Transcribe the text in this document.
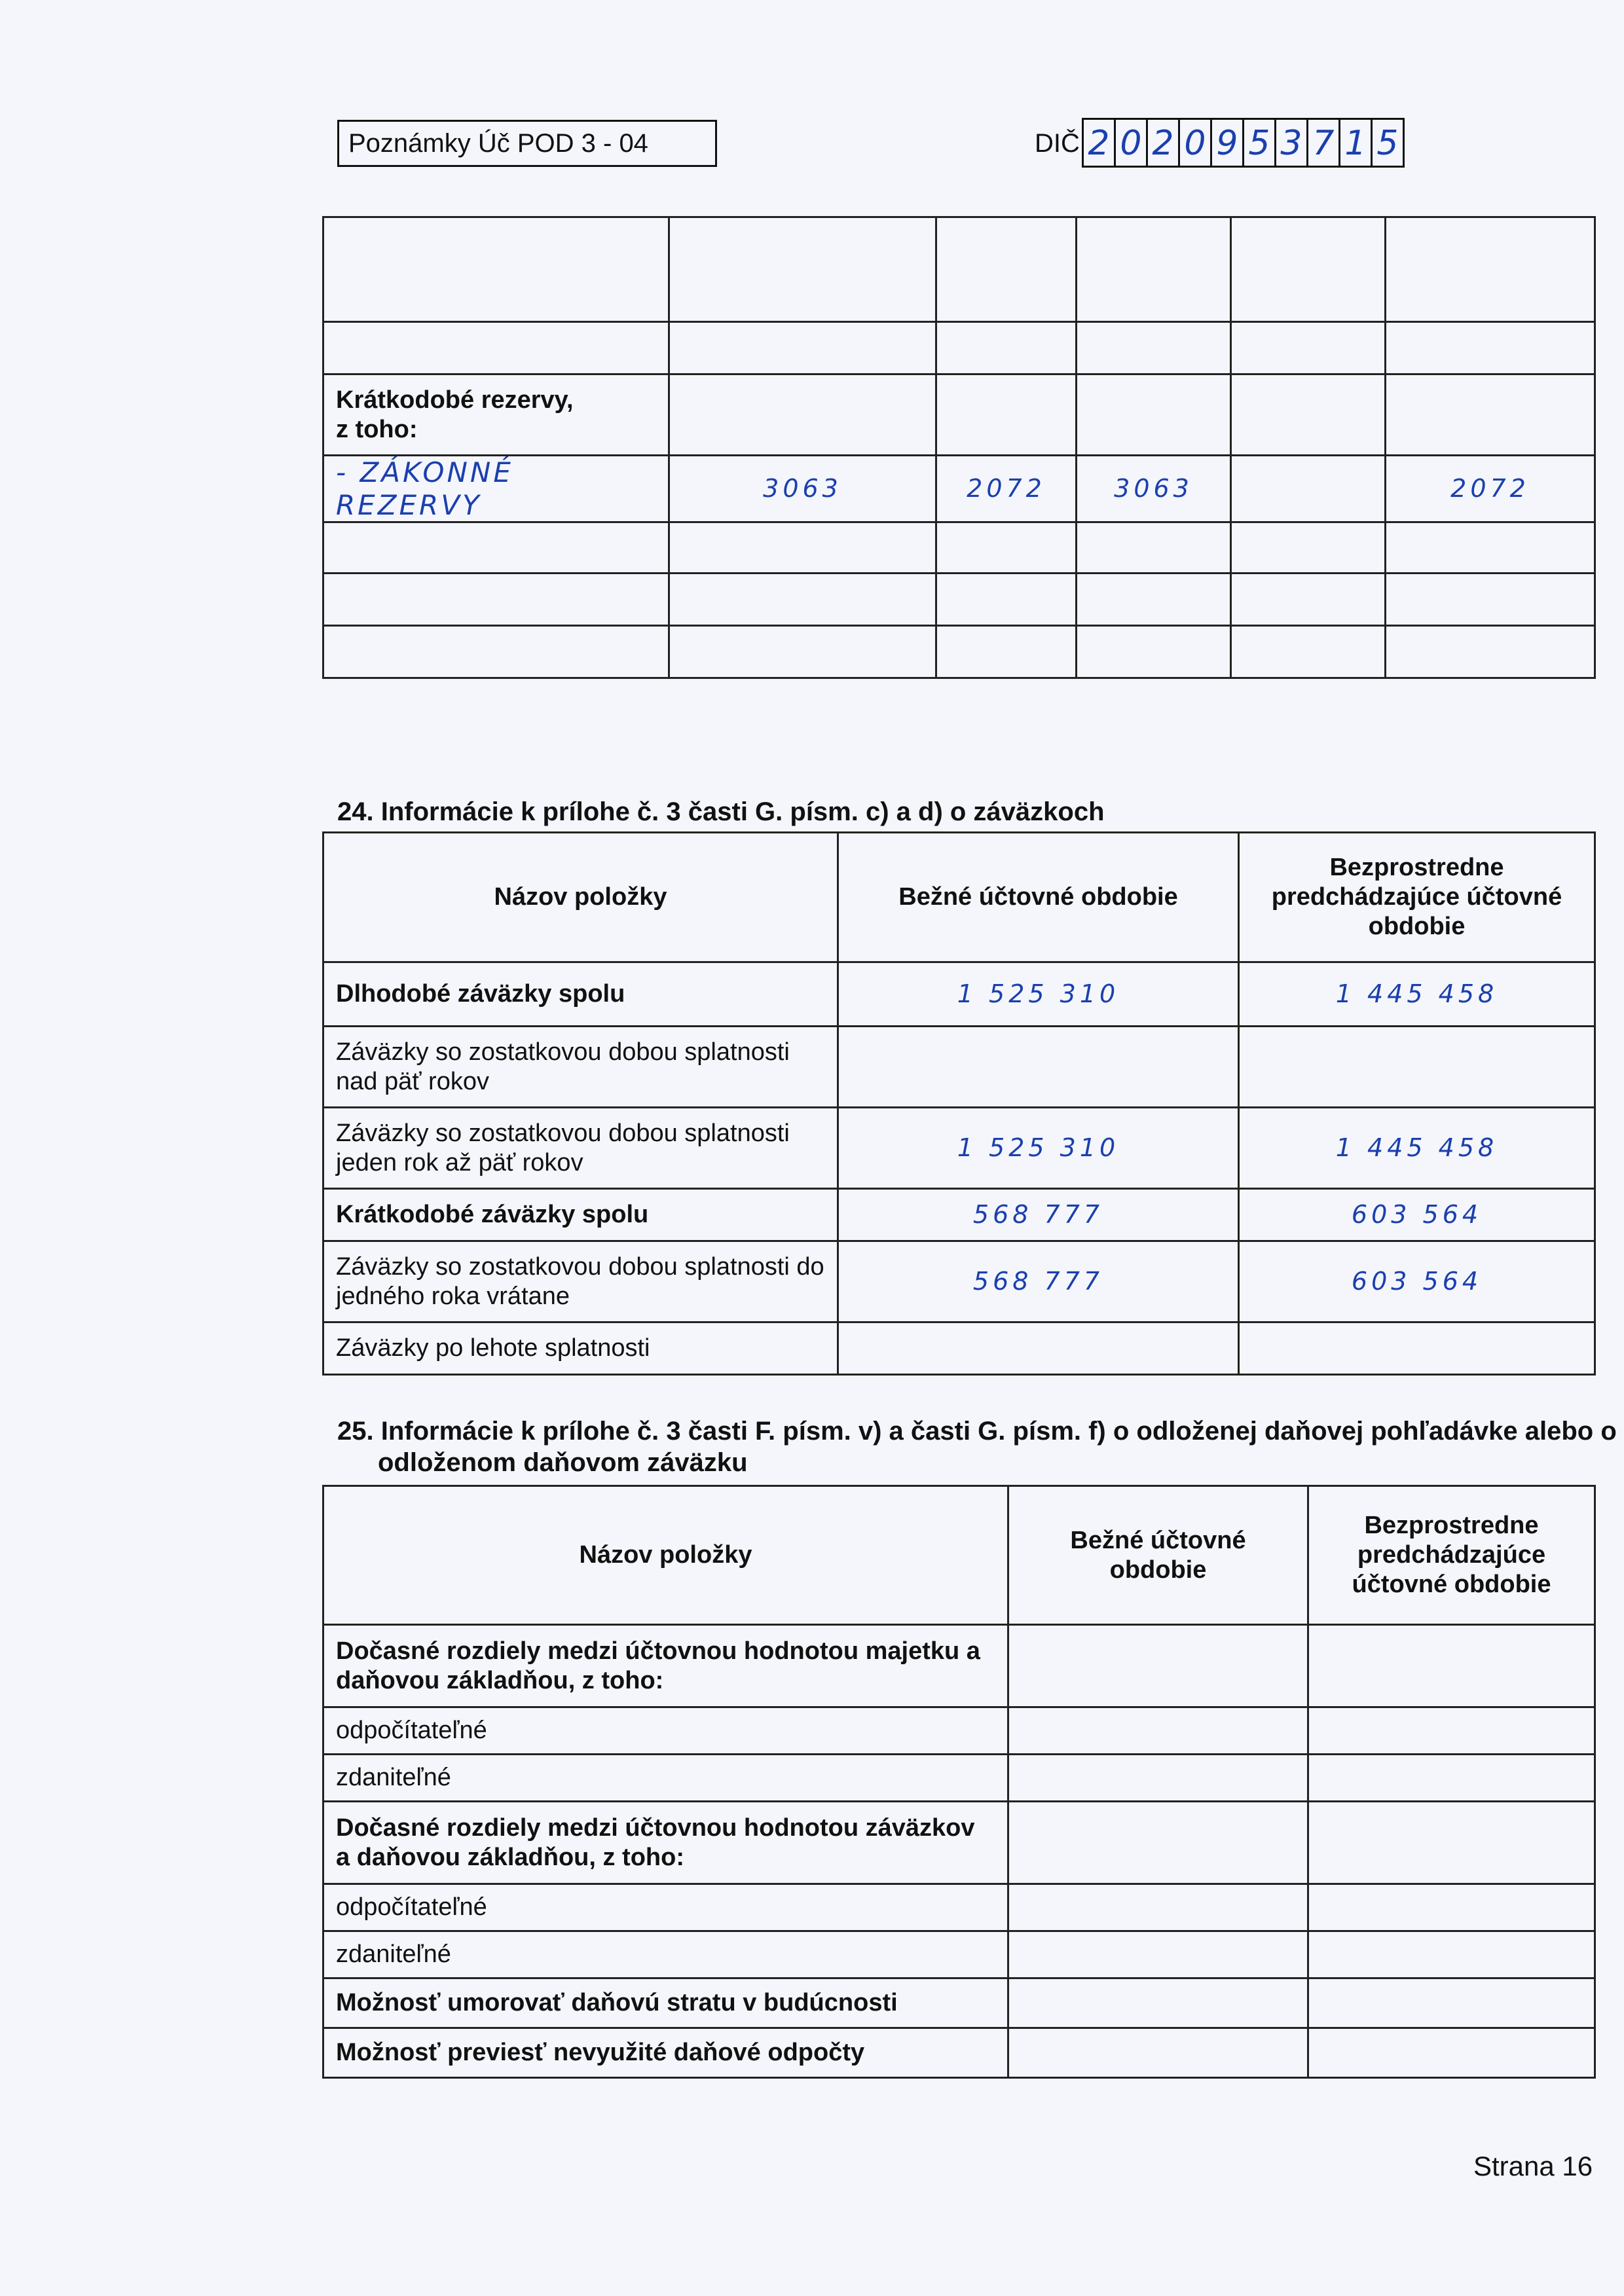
Poznámky Úč POD 3 - 04	DIČ 2 0 2 0 9 5 3 7 1 5

Krátkodobé rezervy,
z toho:					
- ZÁKONNÉ REZERVY	3063	2072	3063		2072

24. Informácie k prílohe č. 3 časti G. písm. c) a d) o záväzkoch
Názov položky	Bežné účtovné obdobie	Bezprostredne predchádzajúce účtovné obdobie
Dlhodobé záväzky spolu	1 525 310	1 445 458
Záväzky so zostatkovou dobou splatnosti nad päť rokov		
Záväzky so zostatkovou dobou splatnosti jeden rok až päť rokov	1 525 310	1 445 458
Krátkodobé záväzky spolu	568 777	603 564
Záväzky so zostatkovou dobou splatnosti do jedného roka vrátane	568 777	603 564
Záväzky po lehote splatnosti		
25. Informácie k prílohe č. 3 časti F. písm. v) a časti G. písm. f) o odloženej daňovej pohľadávke alebo o odloženom daňovom záväzku
Názov položky	Bežné účtovné obdobie	Bezprostredne predchádzajúce účtovné obdobie
Dočasné rozdiely medzi účtovnou hodnotou majetku a daňovou základňou, z toho:		
odpočítateľné		
zdaniteľné		
Dočasné rozdiely medzi účtovnou hodnotou záväzkov a daňovou základňou, z toho:		
odpočítateľné		
zdaniteľné		
Možnosť umorovať daňovú stratu v budúcnosti		
Možnosť previesť nevyužité daňové odpočty		
Strana 16
